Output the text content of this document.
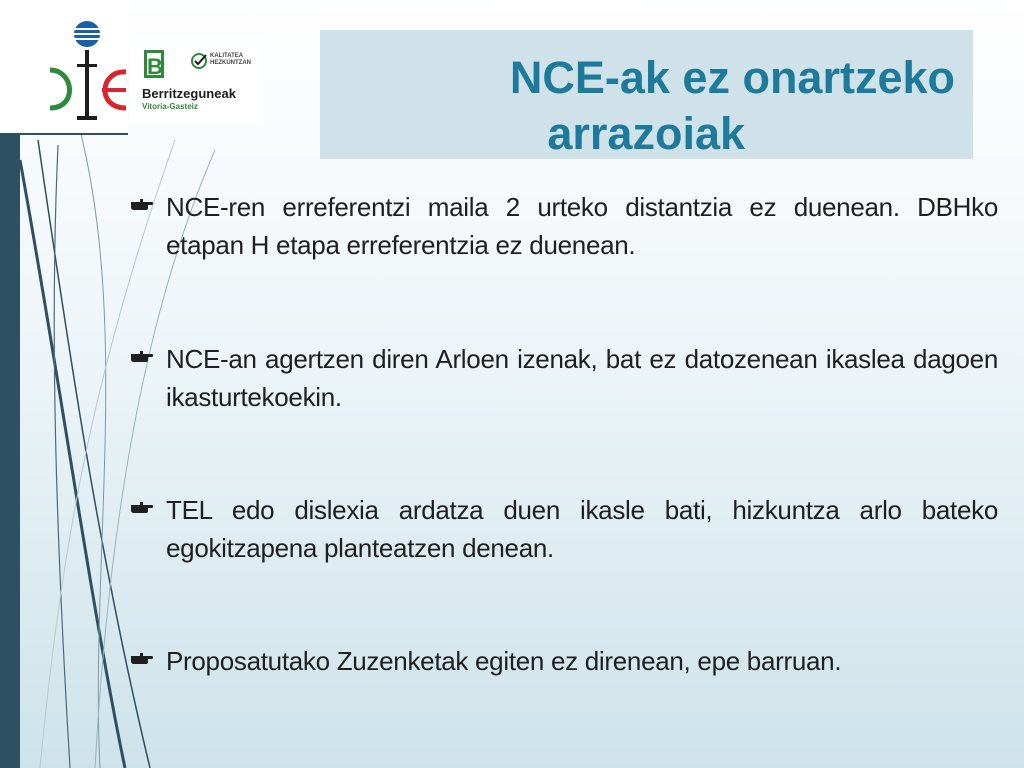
B	KALITATEA
HEZKUNTZAN
Berritzeguneak
Vitoria-Gasteiz
NCE-ak ez onartzeko
arrazoiak
NCE-ren erreferentzi maila 2 urteko distantzia ez duenean. DBHko etapan H etapa erreferentzia ez duenean.
NCE-an agertzen diren Arloen izenak, bat ez datozenean ikaslea dagoen ikasturtekoekin.
TEL edo dislexia ardatza duen ikasle bati, hizkuntza arlo bateko egokitzapena planteatzen denean.
Proposatutako Zuzenketak egiten ez direnean, epe barruan.
